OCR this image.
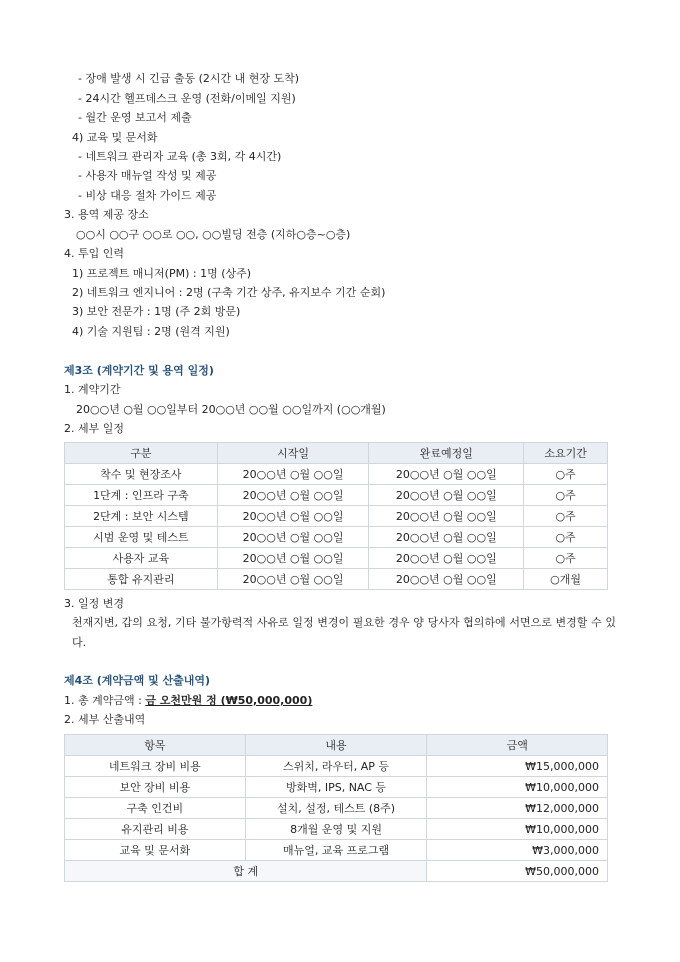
- 장애 발생 시 긴급 출동 (2시간 내 현장 도착)
- 24시간 헬프데스크 운영 (전화/이메일 지원)
- 월간 운영 보고서 제출
4) 교육 및 문서화
- 네트워크 관리자 교육 (총 3회, 각 4시간)
- 사용자 매뉴얼 작성 및 제공
- 비상 대응 절차 가이드 제공
3. 용역 제공 장소
○○시 ○○구 ○○로 ○○, ○○빌딩 전층 (지하○층~○층)
4. 투입 인력
1) 프로젝트 매니저(PM) : 1명 (상주)
2) 네트워크 엔지니어 : 2명 (구축 기간 상주, 유지보수 기간 순회)
3) 보안 전문가 : 1명 (주 2회 방문)
4) 기술 지원팀 : 2명 (원격 지원)
제3조 (계약기간 및 용역 일정)
1. 계약기간
20○○년 ○월 ○○일부터 20○○년 ○○월 ○○일까지 (○○개월)
2. 세부 일정
구분	시작일	완료예정일	소요기간
착수 및 현장조사	20○○년 ○월 ○○일	20○○년 ○월 ○○일	○주
1단계 : 인프라 구축	20○○년 ○월 ○○일	20○○년 ○월 ○○일	○주
2단계 : 보안 시스템	20○○년 ○월 ○○일	20○○년 ○월 ○○일	○주
시범 운영 및 테스트	20○○년 ○월 ○○일	20○○년 ○월 ○○일	○주
사용자 교육	20○○년 ○월 ○○일	20○○년 ○월 ○○일	○주
통합 유지관리	20○○년 ○월 ○○일	20○○년 ○월 ○○일	○개월
3. 일정 변경
천재지변, 갑의 요청, 기타 불가항력적 사유로 일정 변경이 필요한 경우 양 당사자 협의하에 서면으로 변경할 수 있다.
제4조 (계약금액 및 산출내역)
1. 총 계약금액 : 금 오천만원 정 (₩50,000,000)
2. 세부 산출내역
항목	내용	금액
네트워크 장비 비용	스위치, 라우터, AP 등	₩15,000,000
보안 장비 비용	방화벽, IPS, NAC 등	₩10,000,000
구축 인건비	설치, 설정, 테스트 (8주)	₩12,000,000
유지관리 비용	8개월 운영 및 지원	₩10,000,000
교육 및 문서화	매뉴얼, 교육 프로그램	₩3,000,000
합 계		₩50,000,000
